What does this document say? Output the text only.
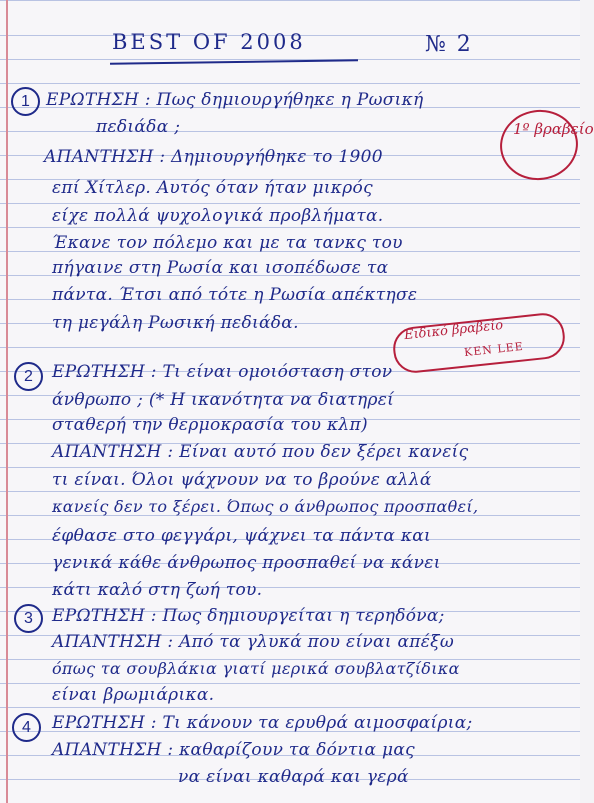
BEST OF 2008	№ 2
1 ΕΡΩΤΗΣΗ : Πως δημιουργήθηκε η Ρωσική
πεδιάδα ;
ΑΠΑΝΤΗΣΗ : Δημιουργήθηκε το 1900
επί Χίτλερ. Αυτός όταν ήταν μικρός
είχε πολλά ψυχολογικά προβλήματα.
Έκανε τον πόλεμο και με τα τανκς του
πήγαινε στη Ρωσία και ισοπέδωσε τα
πάντα. Έτσι από τότε η Ρωσία απέκτησε
τη μεγάλη Ρωσική πεδιάδα.
1º βραβείο
Ειδικό βραβείο
KEN LEE
2	ΕΡΩΤΗΣΗ : Τι είναι ομοιόσταση στον
άνθρωπο ; (* Η ικανότητα να διατηρεί
σταθερή την θερμοκρασία του κλπ)
ΑΠΑΝΤΗΣΗ : Είναι αυτό που δεν ξέρει κανείς
τι είναι. Όλοι ψάχνουν να το βρούνε αλλά
κανείς δεν το ξέρει. Όπως ο άνθρωπος προσπαθεί,
έφθασε στο φεγγάρι, ψάχνει τα πάντα και
γενικά κάθε άνθρωπος προσπαθεί να κάνει
κάτι καλό στη ζωή του.
3	ΕΡΩΤΗΣΗ : Πως δημιουργείται η τερηδόνα;
ΑΠΑΝΤΗΣΗ : Από τα γλυκά που είναι απέξω
όπως τα σουβλάκια γιατί μερικά σουβλατζίδικα
είναι βρωμιάρικα.
4	ΕΡΩΤΗΣΗ : Τι κάνουν τα ερυθρά αιμοσφαίρια;
ΑΠΑΝΤΗΣΗ : καθαρίζουν τα δόντια μας
να είναι καθαρά και γερά
